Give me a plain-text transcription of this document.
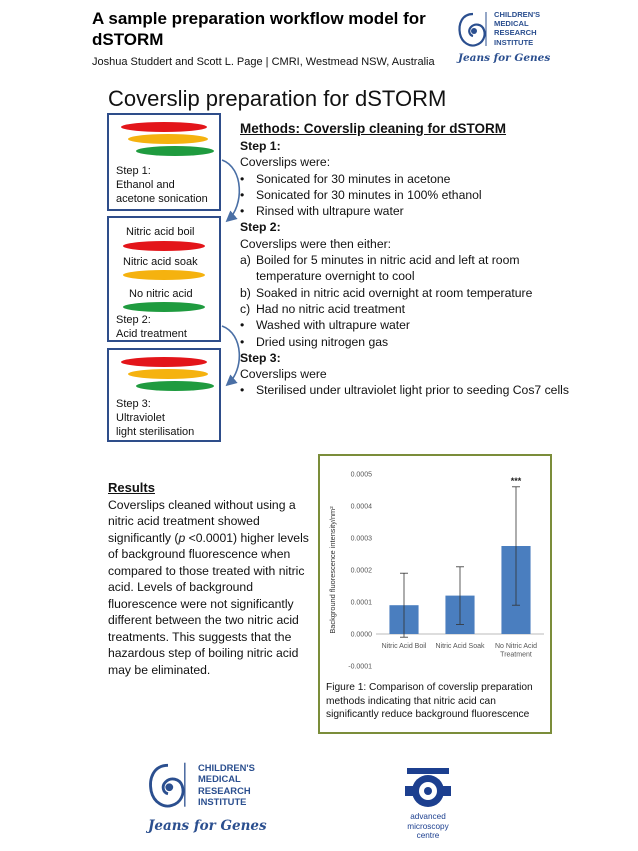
A sample preparation workflow model for dSTORM
Joshua Studdert and Scott L. Page | CMRI, Westmead NSW, Australia
CHILDREN'S
MEDICAL
RESEARCH
INSTITUTE
Jeans for Genes
Coverslip preparation for dSTORM
Step 1:
Ethanol and
acetone sonication
Nitric acid boil
Nitric acid soak
No nitric acid
Step 2:
Acid treatment
Step 3:
Ultraviolet
light sterilisation
Methods: Coverslip cleaning for dSTORM
Step 1:
Coverslips were:
• Sonicated for 30 minutes in acetone
• Sonicated for 30 minutes in 100% ethanol
• Rinsed with ultrapure water
Step 2:
Coverslips were then either:
a) Boiled for 5 minutes in nitric acid and left at room temperature overnight to cool
b) Soaked in nitric acid overnight at room temperature
c) Had no nitric acid treatment
• Washed with ultrapure water
• Dried using nitrogen gas
Step 3:
Coverslips were
• Sterilised under ultraviolet light prior to seeding Cos7 cells
Results
Coverslips cleaned without using a nitric acid treatment showed significantly (p <0.0001) higher levels of background fluorescence when compared to those treated with nitric acid. Levels of background fluorescence were not significantly different between the two nitric acid treatments. This suggests that the hazardous step of boiling nitric acid may be eliminated.
Background fluorescence intensity/nm²
-0.0001
0.0000
0.0001
0.0002
0.0003
0.0004
0.0005
Nitric Acid Boil Nitric Acid Soak No Nitric Acid
Treatment
***
Figure 1: Comparison of coverslip preparation methods indicating that nitric acid can significantly reduce background fluorescence
CHILDREN'S
MEDICAL
RESEARCH
INSTITUTE
Jeans for Genes
advanced
microscopy
centre
